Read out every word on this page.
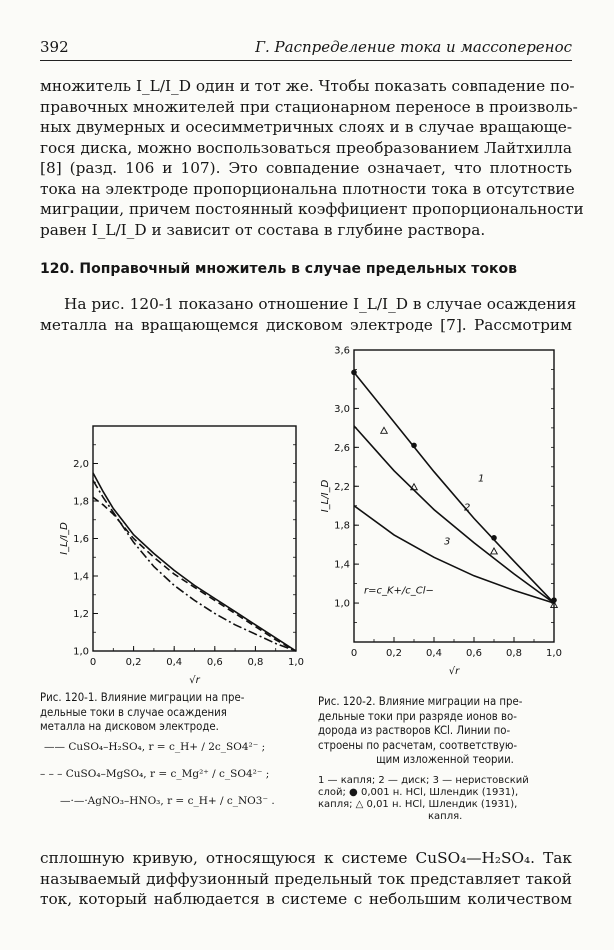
392	Г. Распределение тока и массоперенос

множитель I_L/I_D один и тот же. Чтобы показать совпадение по-
правочных множителей при стационарном переносе в произволь-
ных двумерных и осесимметричных слоях и в случае вращающе-
гося диска, можно воспользоваться преобразованием Лайтхилла
[8] (разд. 106 и 107). Это совпадение означает, что плотность
тока на электроде пропорциональна плотности тока в отсутствие
миграции, причем постоянный коэффициент пропорциональности
равен I_L/I_D и зависит от состава в глубине раствора.

120. Поправочный множитель в случае предельных токов

На рис. 120-1 показано отношение I_L/I_D в случае осаждения
металла на вращающемся дисковом электроде [7]. Рассмотрим

0	0,2 0,4 0,6 0,8 1,0
1,0
1,2
1,4
1,6
1,8
2,0
√r
I_L/I_D
0	0,2 0,4 0,6 0,8 1,0
1,0
1,4
1,8
2,2
2,6
3,0
3,6
√r
I_L/I_D
1
2
3
r=c_K+/c_Cl−

Рис. 120-1. Влияние миграции на пре-
дельные токи в случае осаждения
металла на дисковом электроде.

—— CuSO₄–H₂SO₄, r = c_H+ / 2c_SO4²⁻ ;
– – – CuSO₄–MgSO₄, r = c_Mg²⁺ / c_SO4²⁻ ;
—·—·AgNO₃–HNO₃, r = c_H+ / c_NO3⁻ .

Рис. 120-2. Влияние миграции на пре-
дельные токи при разряде ионов во-
дорода из растворов KCl. Линии по-
строены по расчетам, соответствую-
щим изложенной теории.

1 — капля; 2 — диск; 3 — нeристовский
слой; ● 0,001 н. HCl, Шлендик (1931),
капля; △ 0,01 н. HCl, Шлендик (1931),
капля.

сплошную кривую, относящуюся к системе CuSO₄—H₂SO₄. Так
называемый диффузионный предельный ток представляет такой
ток, который наблюдается в системе с небольшим количеством
